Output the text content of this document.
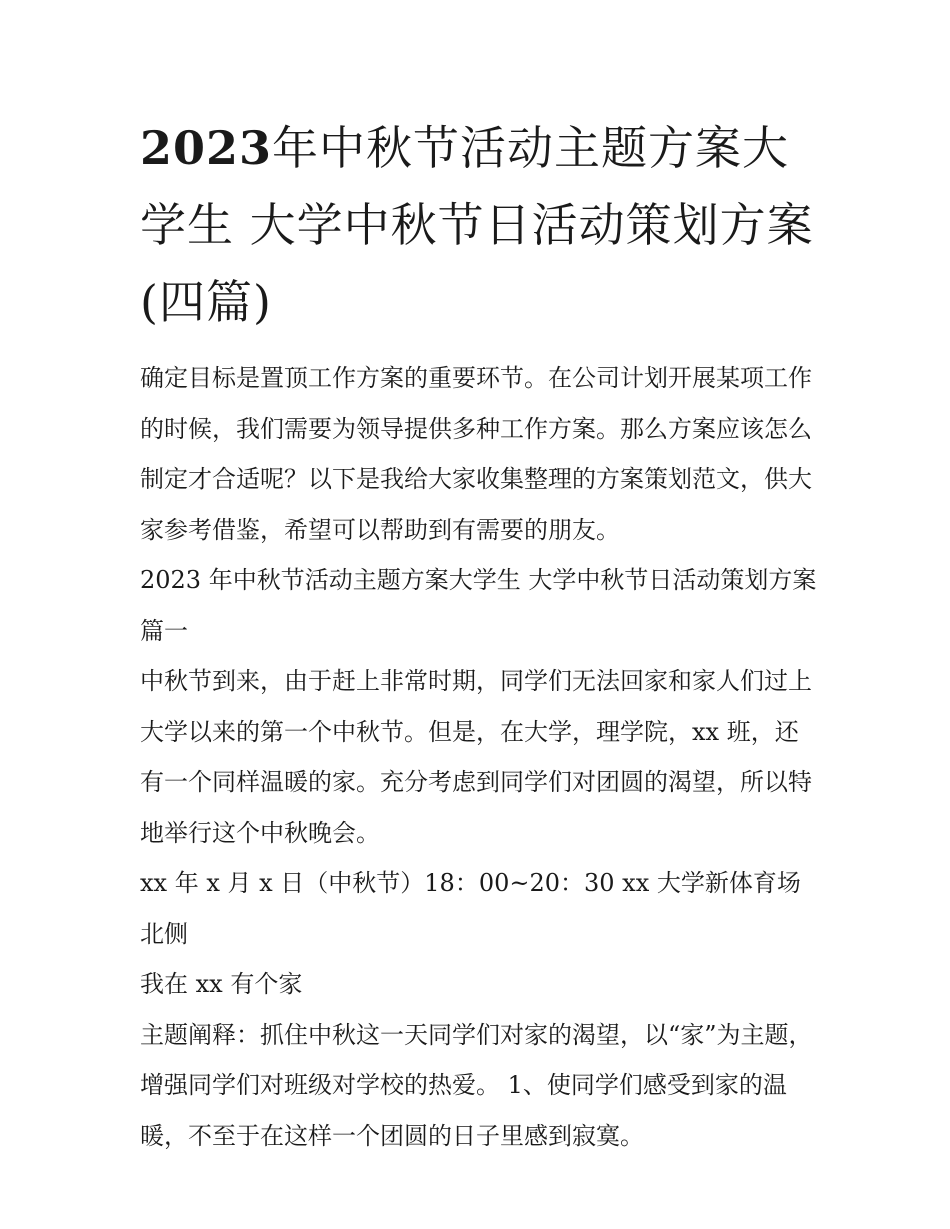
2023年中秋节活动主题方案大学生 大学中秋节日活动策划方案(四篇)

确定目标是置顶工作方案的重要环节。在公司计划开展某项工作的时候，我们需要为领导提供多种工作方案。那么方案应该怎么制定才合适呢？以下是我给大家收集整理的方案策划范文，供大家参考借鉴，希望可以帮助到有需要的朋友。

2023 年中秋节活动主题方案大学生 大学中秋节日活动策划方案篇一

中秋节到来，由于赶上非常时期，同学们无法回家和家人们过上大学以来的第一个中秋节。但是，在大学，理学院，xx 班，还有一个同样温暖的家。充分考虑到同学们对团圆的渴望，所以特地举行这个中秋晚会。

xx 年 x 月 x 日（中秋节）18：00~20：30 xx 大学新体育场北侧

我在 xx 有个家

主题阐释：抓住中秋这一天同学们对家的渴望，以“家”为主题，增强同学们对班级对学校的热爱。 1、使同学们感受到家的温暖，不至于在这样一个团圆的日子里感到寂寞。
